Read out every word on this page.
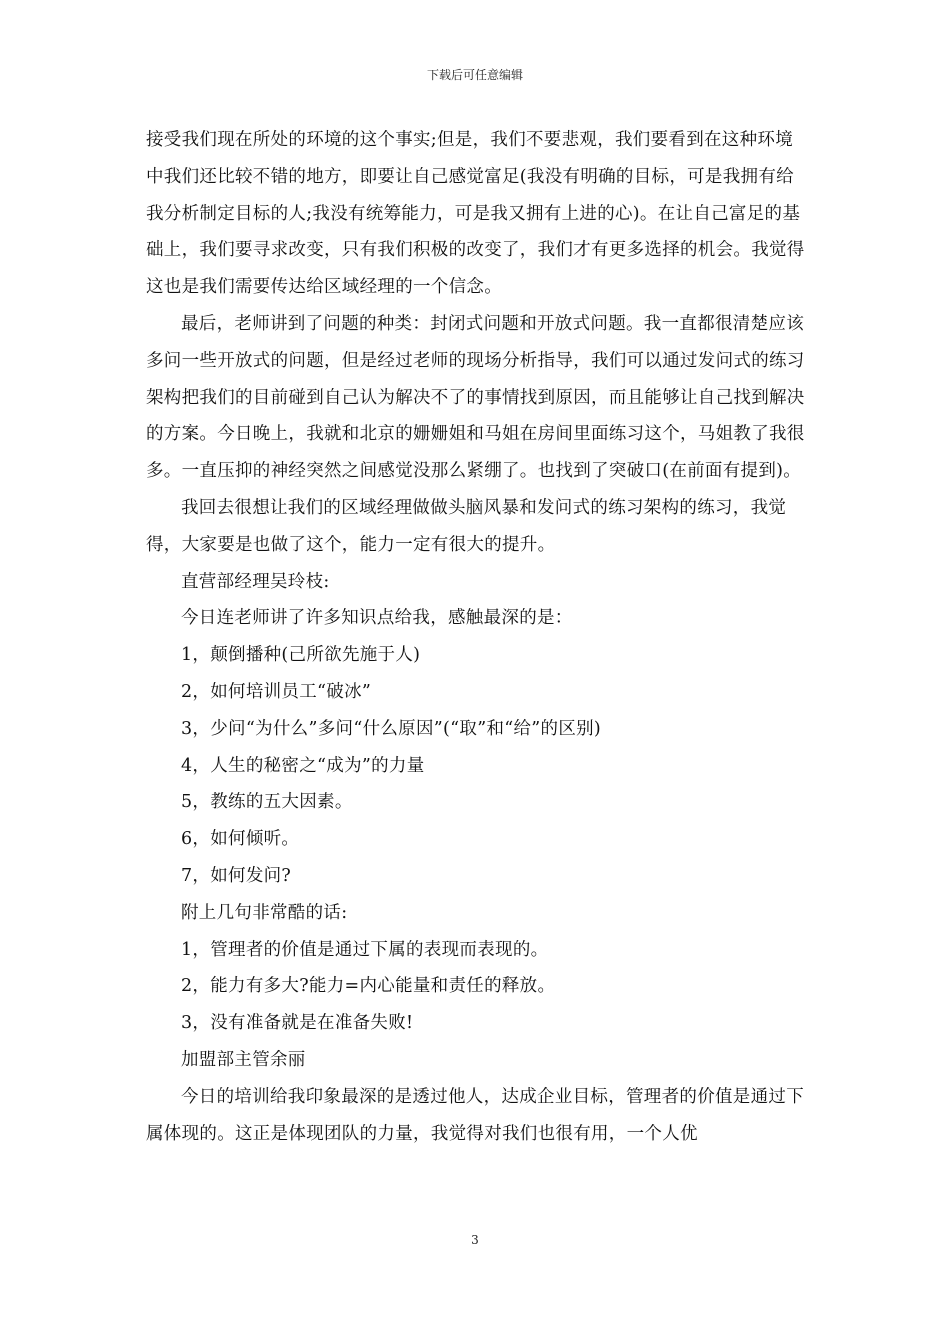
下载后可任意编辑

接受我们现在所处的环境的这个事实;但是，我们不要悲观，我们要看到在这种环境中我们还比较不错的地方，即要让自己感觉富足(我没有明确的目标，可是我拥有给我分析制定目标的人;我没有统筹能力，可是我又拥有上进的心)。在让自己富足的基础上，我们要寻求改变，只有我们积极的改变了，我们才有更多选择的机会。我觉得这也是我们需要传达给区域经理的一个信念。

最后，老师讲到了问题的种类：封闭式问题和开放式问题。我一直都很清楚应该多问一些开放式的问题，但是经过老师的现场分析指导，我们可以通过发问式的练习架构把我们的目前碰到自己认为解决不了的事情找到原因，而且能够让自己找到解决的方案。今日晚上，我就和北京的姗姗姐和马姐在房间里面练习这个，马姐教了我很多。一直压抑的神经突然之间感觉没那么紧绷了。也找到了突破口(在前面有提到)。

我回去很想让我们的区域经理做做头脑风暴和发问式的练习架构的练习，我觉得，大家要是也做了这个，能力一定有很大的提升。

直营部经理吴玲枝:

今日连老师讲了许多知识点给我，感触最深的是：

1，颠倒播种(己所欲先施于人)

2，如何培训员工“破冰”

3，少问“为什么”多问“什么原因”(“取”和“给”的区别)

4，人生的秘密之“成为”的力量

5，教练的五大因素。

6，如何倾听。

7，如何发问?

附上几句非常酷的话:

1，管理者的价值是通过下属的表现而表现的。

2，能力有多大?能力=内心能量和责任的释放。

3，没有准备就是在准备失败!

加盟部主管余丽

今日的培训给我印象最深的是透过他人，达成企业目标，管理者的价值是通过下属体现的。这正是体现团队的力量，我觉得对我们也很有用，一个人优

3
